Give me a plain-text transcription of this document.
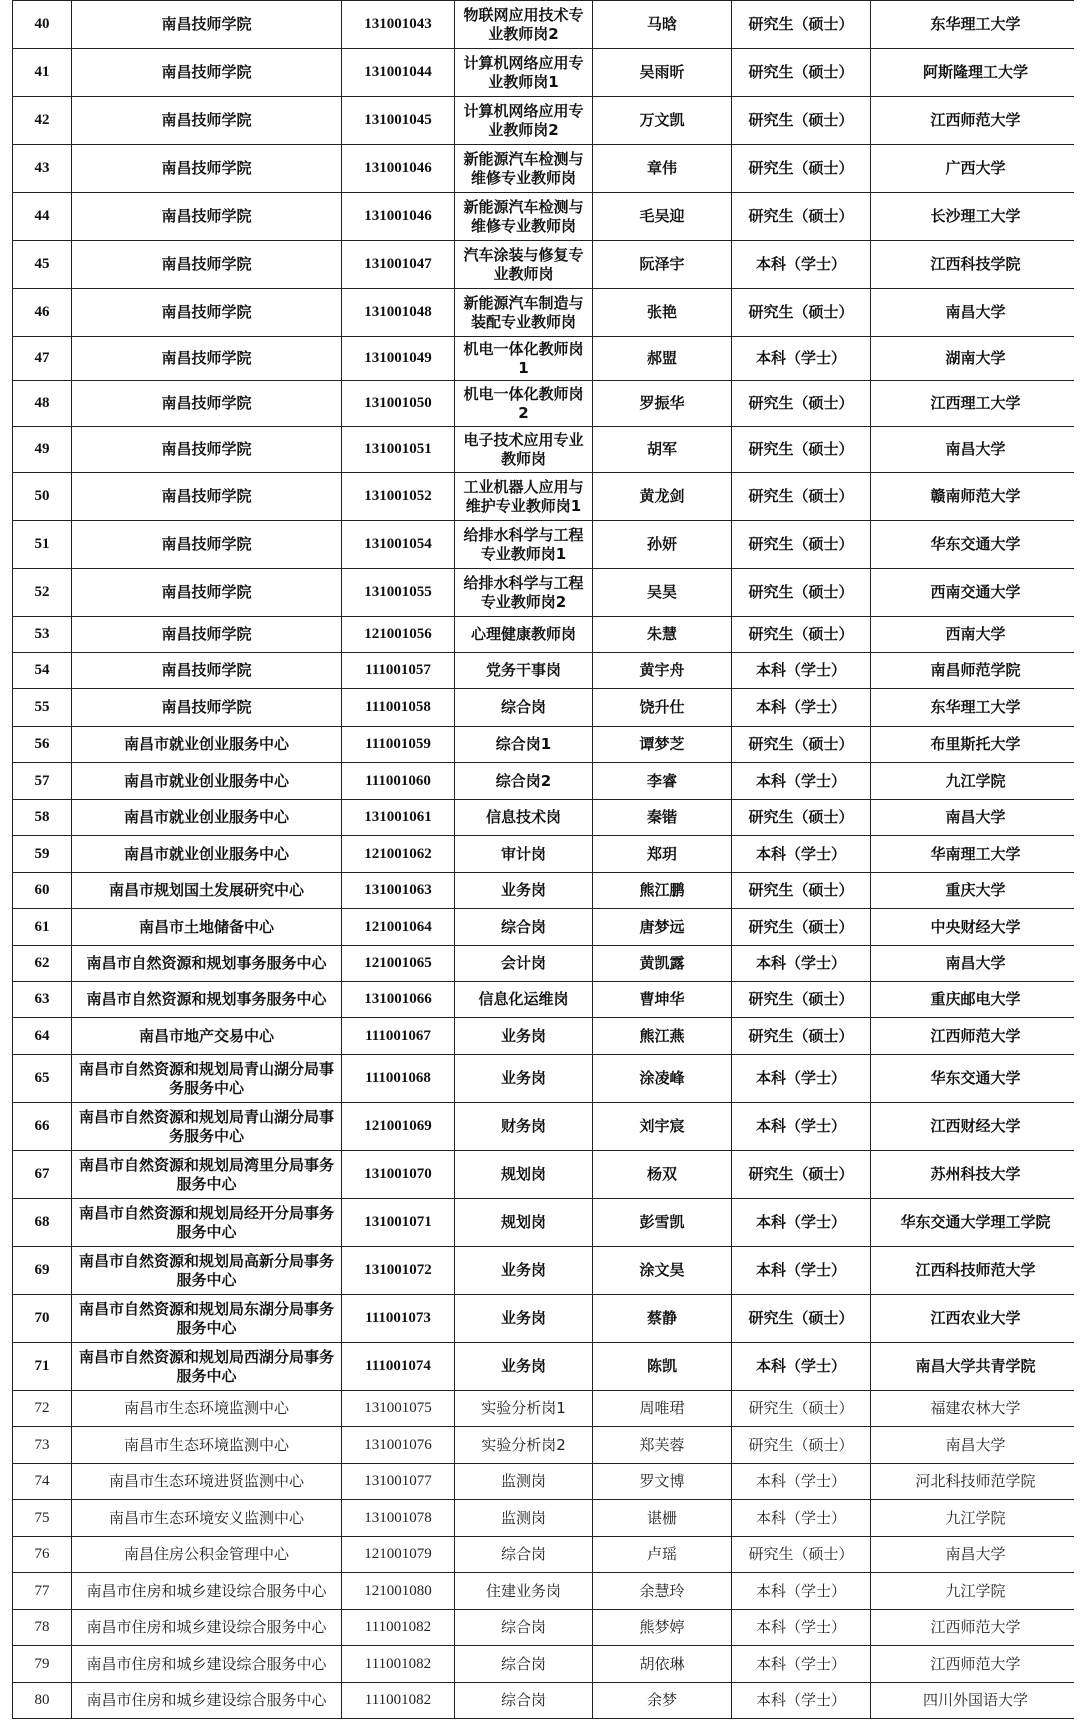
40	南昌技师学院	131001043	物联网应用技术专业教师岗2	马晗	研究生（硕士）	东华理工大学
41	南昌技师学院	131001044	计算机网络应用专业教师岗1	吴雨昕	研究生（硕士）	阿斯隆理工大学
42	南昌技师学院	131001045	计算机网络应用专业教师岗2	万文凯	研究生（硕士）	江西师范大学
43	南昌技师学院	131001046	新能源汽车检测与维修专业教师岗	章伟	研究生（硕士）	广西大学
44	南昌技师学院	131001046	新能源汽车检测与维修专业教师岗	毛吴迎	研究生（硕士）	长沙理工大学
45	南昌技师学院	131001047	汽车涂装与修复专业教师岗	阮泽宇	本科（学士）	江西科技学院
46	南昌技师学院	131001048	新能源汽车制造与装配专业教师岗	张艳	研究生（硕士）	南昌大学
47	南昌技师学院	131001049	机电一体化教师岗1	郝盟	本科（学士）	湖南大学
48	南昌技师学院	131001050	机电一体化教师岗2	罗振华	研究生（硕士）	江西理工大学
49	南昌技师学院	131001051	电子技术应用专业教师岗	胡军	研究生（硕士）	南昌大学
50	南昌技师学院	131001052	工业机器人应用与维护专业教师岗1	黄龙剑	研究生（硕士）	赣南师范大学
51	南昌技师学院	131001054	给排水科学与工程专业教师岗1	孙妍	研究生（硕士）	华东交通大学
52	南昌技师学院	131001055	给排水科学与工程专业教师岗2	吴昊	研究生（硕士）	西南交通大学
53	南昌技师学院	121001056	心理健康教师岗	朱慧	研究生（硕士）	西南大学
54	南昌技师学院	111001057	党务干事岗	黄宇舟	本科（学士）	南昌师范学院
55	南昌技师学院	111001058	综合岗	饶升仕	本科（学士）	东华理工大学
56	南昌市就业创业服务中心	111001059	综合岗1	谭梦芝	研究生（硕士）	布里斯托大学
57	南昌市就业创业服务中心	111001060	综合岗2	李睿	本科（学士）	九江学院
58	南昌市就业创业服务中心	131001061	信息技术岗	秦锴	研究生（硕士）	南昌大学
59	南昌市就业创业服务中心	121001062	审计岗	郑玥	本科（学士）	华南理工大学
60	南昌市规划国土发展研究中心	131001063	业务岗	熊江鹏	研究生（硕士）	重庆大学
61	南昌市土地储备中心	121001064	综合岗	唐梦远	研究生（硕士）	中央财经大学
62	南昌市自然资源和规划事务服务中心	121001065	会计岗	黄凯露	本科（学士）	南昌大学
63	南昌市自然资源和规划事务服务中心	131001066	信息化运维岗	曹坤华	研究生（硕士）	重庆邮电大学
64	南昌市地产交易中心	111001067	业务岗	熊江燕	研究生（硕士）	江西师范大学
65	南昌市自然资源和规划局青山湖分局事务服务中心	111001068	业务岗	涂凌峰	本科（学士）	华东交通大学
66	南昌市自然资源和规划局青山湖分局事务服务中心	121001069	财务岗	刘宇宸	本科（学士）	江西财经大学
67	南昌市自然资源和规划局湾里分局事务服务中心	131001070	规划岗	杨双	研究生（硕士）	苏州科技大学
68	南昌市自然资源和规划局经开分局事务服务中心	131001071	规划岗	彭雪凯	本科（学士）	华东交通大学理工学院
69	南昌市自然资源和规划局高新分局事务服务中心	131001072	业务岗	涂文昊	本科（学士）	江西科技师范大学
70	南昌市自然资源和规划局东湖分局事务服务中心	111001073	业务岗	蔡静	研究生（硕士）	江西农业大学
71	南昌市自然资源和规划局西湖分局事务服务中心	111001074	业务岗	陈凯	本科（学士）	南昌大学共青学院
72	南昌市生态环境监测中心	131001075	实验分析岗1	周唯珺	研究生（硕士）	福建农林大学
73	南昌市生态环境监测中心	131001076	实验分析岗2	郑芙蓉	研究生（硕士）	南昌大学
74	南昌市生态环境进贤监测中心	131001077	监测岗	罗文博	本科（学士）	河北科技师范学院
75	南昌市生态环境安义监测中心	131001078	监测岗	谌栅	本科（学士）	九江学院
76	南昌住房公积金管理中心	121001079	综合岗	卢瑶	研究生（硕士）	南昌大学
77	南昌市住房和城乡建设综合服务中心	121001080	住建业务岗	余慧玲	本科（学士）	九江学院
78	南昌市住房和城乡建设综合服务中心	111001082	综合岗	熊梦婷	本科（学士）	江西师范大学
79	南昌市住房和城乡建设综合服务中心	111001082	综合岗	胡依琳	本科（学士）	江西师范大学
80	南昌市住房和城乡建设综合服务中心	111001082	综合岗	余梦	本科（学士）	四川外国语大学
